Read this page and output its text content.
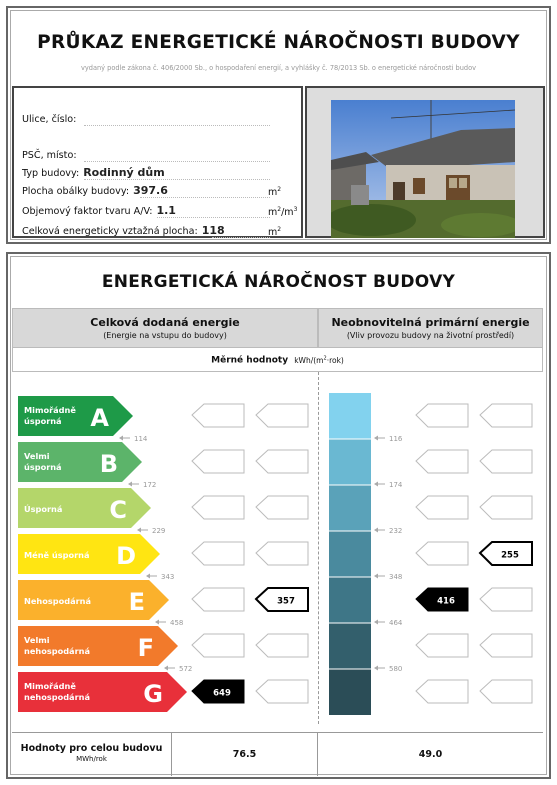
PRŮKAZ ENERGETICKÉ NÁROČNOSTI BUDOVY
vydaný podle zákona č. 406/2000 Sb., o hospodaření energií, a vyhlášky č. 78/2013 Sb. o energetické náročnosti budov
Ulice, číslo:
PSČ, místo:
Typ budovy: Rodinný dům
Plocha obálky budovy: 397.6
Objemový faktor tvaru A/V: 1.1
Celková energeticky vztažná plocha: 118
$m^2$
$m^2/m^3$
$m^2$
ENERGETICKÁ NÁROČNOST BUDOVY
Celková dodaná energie
(Energie na vstupu do budovy)
Neobnovitelná primární energie
(Vliv provozu budovy na životní prostředí)
Měrné hodnoty kWh/$(m^2\cdot rok)$
Mimořádně
úsporná A
Velmi
úsporná B
Úsporná C
Méně úsporná D
Nehospodárná E
Velmi
nehospodárná F
Mimořádně
nehospodárná G
357
649
255
416
114
172
229
343
458
572
116
174
232
348
464
580
Hodnoty pro celou budovu
MWh/rok	76.5	49.0
